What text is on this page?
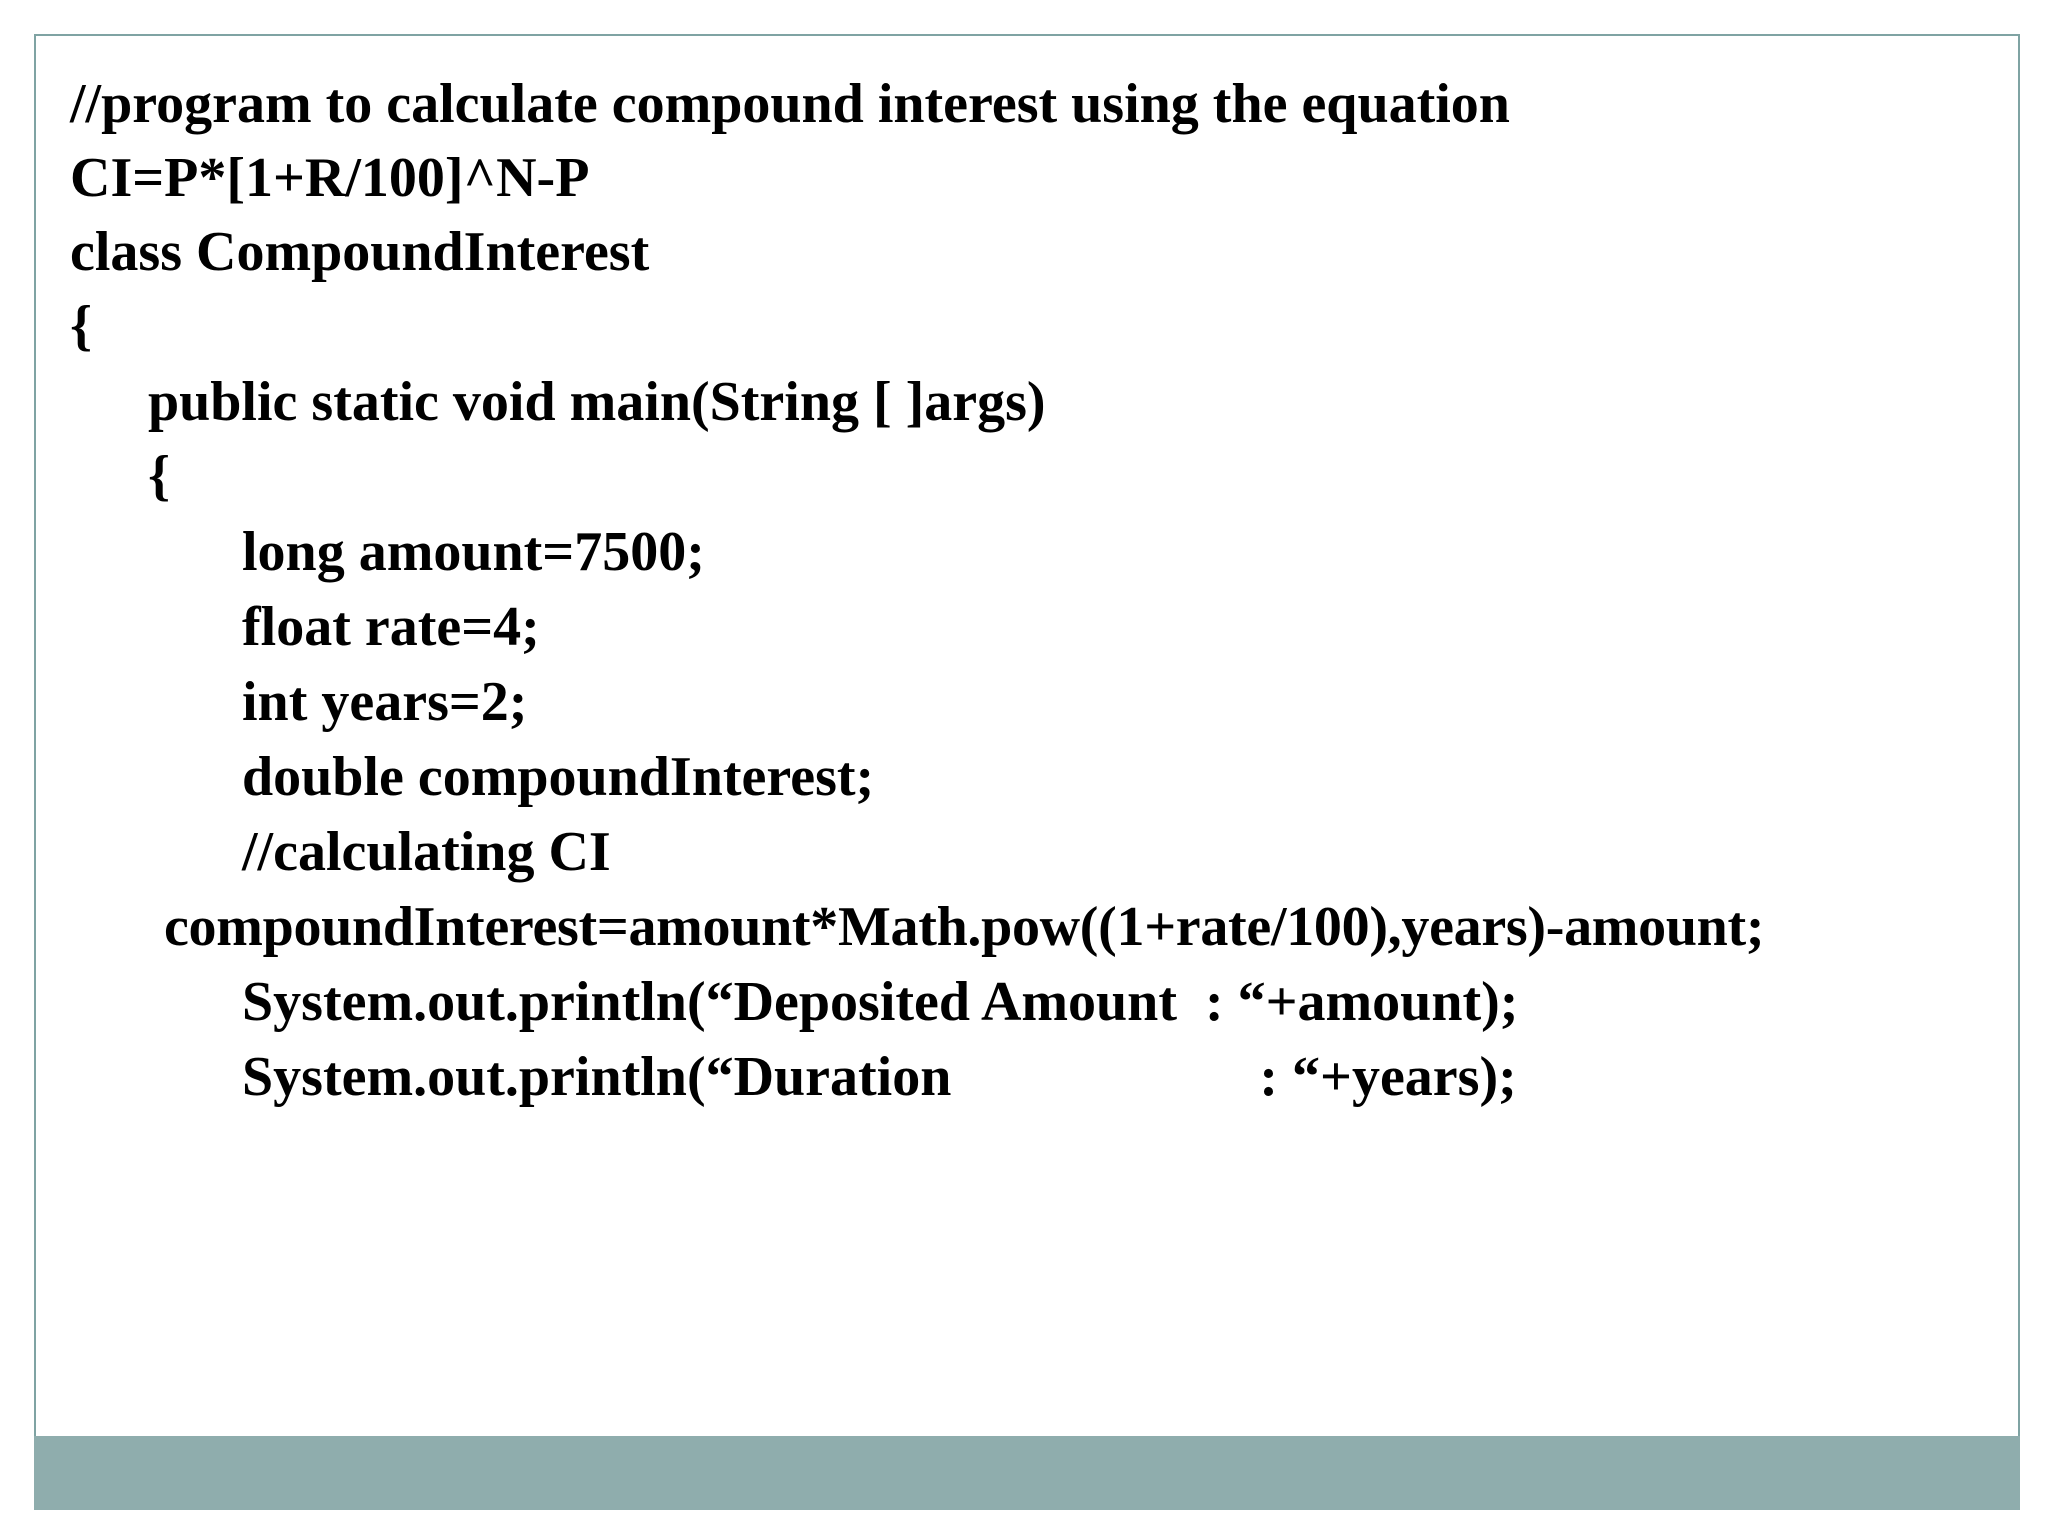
//program to calculate compound interest using the equation
CI=P*[1+R/100]^N-P
class CompoundInterest
{
public static void main(String [ ]args)
{
long amount=7500;
float rate=4;
int years=2;
double compoundInterest;
//calculating CI
compoundInterest=amount*Math.pow((1+rate/100),years)-amount;
System.out.println(“Deposited Amount  : “+amount);
System.out.println(“Duration                      : “+years);
